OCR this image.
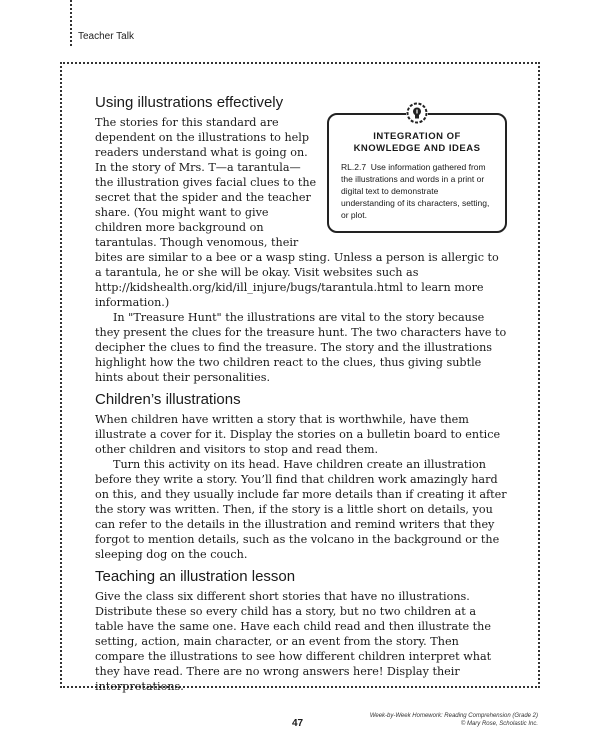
Teacher Talk
Using illustrations effectively
INTEGRATION OF
KNOWLEDGE AND IDEAS
RL.2.7 Use information gathered from the illustrations and words in a print or digital text to demonstrate understanding of its characters, setting, or plot.

The stories for this standard are dependent on the illustrations to help readers understand what is going on. In the story of Mrs. T—a tarantula—the illustration gives facial clues to the secret that the spider and the teacher share. (You might want to give children more background on tarantulas. Though venomous, their bites are similar to a bee or a wasp sting. Unless a person is allergic to a tarantula, he or she will be okay. Visit websites such as http://kidshealth.org/kid/ill_injure/bugs/tarantula.html to learn more information.)

In "Treasure Hunt" the illustrations are vital to the story because they present the clues for the treasure hunt. The two characters have to decipher the clues to find the treasure. The story and the illustrations highlight how the two children react to the clues, thus giving subtle hints about their personalities.

Children’s illustrations

When children have written a story that is worthwhile, have them illustrate a cover for it. Display the stories on a bulletin board to entice other children and visitors to stop and read them.

Turn this activity on its head. Have children create an illustration before they write a story. You’ll find that children work amazingly hard on this, and they usually include far more details than if creating it after the story was written. Then, if the story is a little short on details, you can refer to the details in the illustration and remind writers that they forgot to mention details, such as the volcano in the background or the sleeping dog on the couch.

Teaching an illustration lesson

Give the class six different short stories that have no illustrations. Distribute these so every child has a story, but no two children at a table have the same one. Have each child read and then illustrate the setting, action, main character, or an event from the story. Then compare the illustrations to see how different children interpret what they have read. There are no wrong answers here! Display their interpretations.

47
Week-by-Week Homework: Reading Comprehension (Grade 2)
© Mary Rose, Scholastic Inc.
